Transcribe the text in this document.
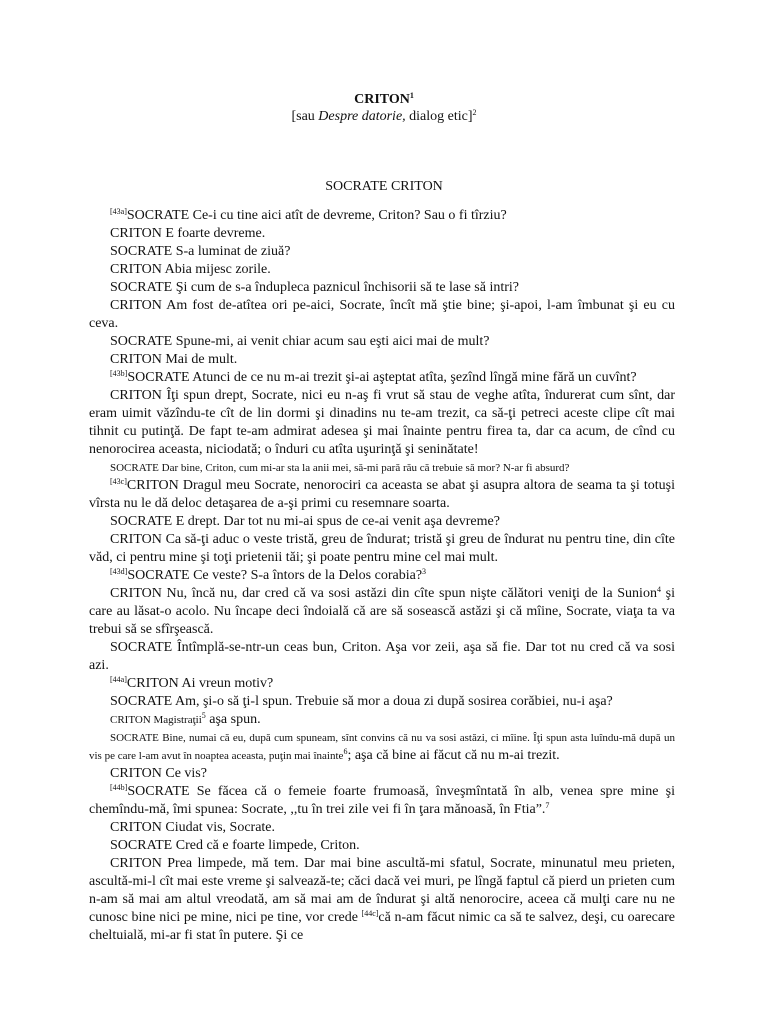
CRITON$^1$
[sau Despre datorie, dialog etic]$^2$
SOCRATE CRITON

[43a]SOCRATE Ce-i cu tine aici atît de devreme, Criton? Sau o fi tîrziu?

CRITON E foarte devreme.

SOCRATE S-a luminat de ziuă?

CRITON Abia mijesc zorile.

SOCRATE Şi cum de s-a îndupleca paznicul închisorii să te lase să intri?

CRITON Am fost de-atîtea ori pe-aici, Socrate, încît mă ştie bine; şi-apoi, l-am îmbunat şi eu cu ceva.

SOCRATE Spune-mi, ai venit chiar acum sau eşti aici mai de mult?

CRITON Mai de mult.

[43b]SOCRATE Atunci de ce nu m-ai trezit şi-ai aşteptat atîta, şezînd lîngă mine fără un cuvînt?

CRITON Îţi spun drept, Socrate, nici eu n-aş fi vrut să stau de veghe atîta, îndurerat cum sînt, dar eram uimit văzîndu-te cît de lin dormi şi dinadins nu te-am trezit, ca să-ţi petreci aceste clipe cît mai tihnit cu putinţă. De fapt te-am admirat adesea şi mai înainte pentru firea ta, dar ca acum, de cînd cu nenorocirea aceasta, niciodată; o înduri cu atîta uşurinţă şi seninătate!

SOCRATE Dar bine, Criton, cum mi-ar sta la anii mei, să-mi pară rău că trebuie să mor? N-ar fi absurd?

[43c]CRITON Dragul meu Socrate, nenorociri ca aceasta se abat şi asupra altora de seama ta şi totuşi vîrsta nu le dă deloc detaşarea de a-şi primi cu resemnare soarta.

SOCRATE E drept. Dar tot nu mi-ai spus de ce-ai venit aşa devreme?

CRITON Ca să-ţi aduc o veste tristă, greu de îndurat; tristă şi greu de îndurat nu pentru tine, din cîte văd, ci pentru mine şi toţi prietenii tăi; şi poate pentru mine cel mai mult.

[43d]SOCRATE Ce veste? S-a întors de la Delos corabia?$^3$

CRITON Nu, încă nu, dar cred că va sosi astăzi din cîte spun nişte călători veniţi de la Sunion$^4$ şi care au lăsat-o acolo. Nu încape deci îndoială că are să sosească astăzi şi că mîine, Socrate, viaţa ta va trebui să se sfîrşească.

SOCRATE Întîmplă-se-ntr-un ceas bun, Criton. Aşa vor zeii, aşa să fie. Dar tot nu cred că va sosi azi.

[44a]CRITON Ai vreun motiv?

SOCRATE Am, şi-o să ţi-l spun. Trebuie să mor a doua zi după sosirea corăbiei, nu-i aşa?

CRITON Magistraţii$^5$ aşa spun.

SOCRATE Bine, numai că eu, după cum spuneam, sînt convins că nu va sosi astăzi, ci mîine. Îţi spun asta luîndu-mă după un vis pe care l-am avut în noaptea aceasta, puţin mai înainte$^6$; aşa că bine ai făcut că nu m-ai trezit.

CRITON Ce vis?

[44b]SOCRATE Se făcea că o femeie foarte frumoasă, înveşmîntată în alb, venea spre mine şi chemîndu-mă, îmi spunea: Socrate, ,,tu în trei zile vei fi în ţara mănoasă, în Ftia”.$^7$

CRITON Ciudat vis, Socrate.

SOCRATE Cred că e foarte limpede, Criton.

CRITON Prea limpede, mă tem. Dar mai bine ascultă-mi sfatul, Socrate, minunatul meu prieten, ascultă-mi-l cît mai este vreme şi salvează-te; căci dacă vei muri, pe lîngă faptul că pierd un prieten cum n-am să mai am altul vreodată, am să mai am de îndurat şi altă nenorocire, aceea că mulţi care nu ne cunosc bine nici pe mine, nici pe tine, vor crede [44c]că n-am făcut nimic ca să te salvez, deşi, cu oarecare cheltuială, mi-ar fi stat în putere. Şi ce
